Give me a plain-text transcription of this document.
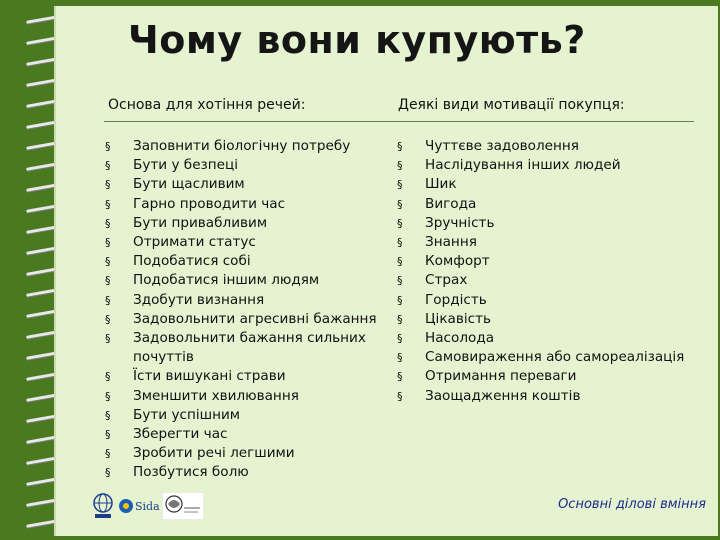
Чому вони купують?
Основа для хотіння речей:	Деякі види мотивації покупця:
§ Заповнити біологічну потребу
§ Бути у безпеці
§ Бути щасливим
§ Гарно проводити час
§ Бути привабливим
§ Отримати статус
§ Подобатися собі
§ Подобатися іншим людям
§ Здобути визнання
§ Задовольнити агресивні бажання
§ Задовольнити бажання сильних почуттів
§ Їсти вишукані страви
§ Зменшити хвилювання
§ Бути успішним
§ Зберегти час
§ Зробити речі легшими
§ Позбутися болю
§ Чуттєве задоволення
§ Наслідування інших людей
§ Шик
§ Вигода
§ Зручність
§ Знання
§ Комфорт
§ Страх
§ Гордість
§ Цікавість
§ Насолода
§ Самовираження або самореалізація
§ Отримання переваги
§ Заощадження коштів
Sida	Основні ділові вміння
